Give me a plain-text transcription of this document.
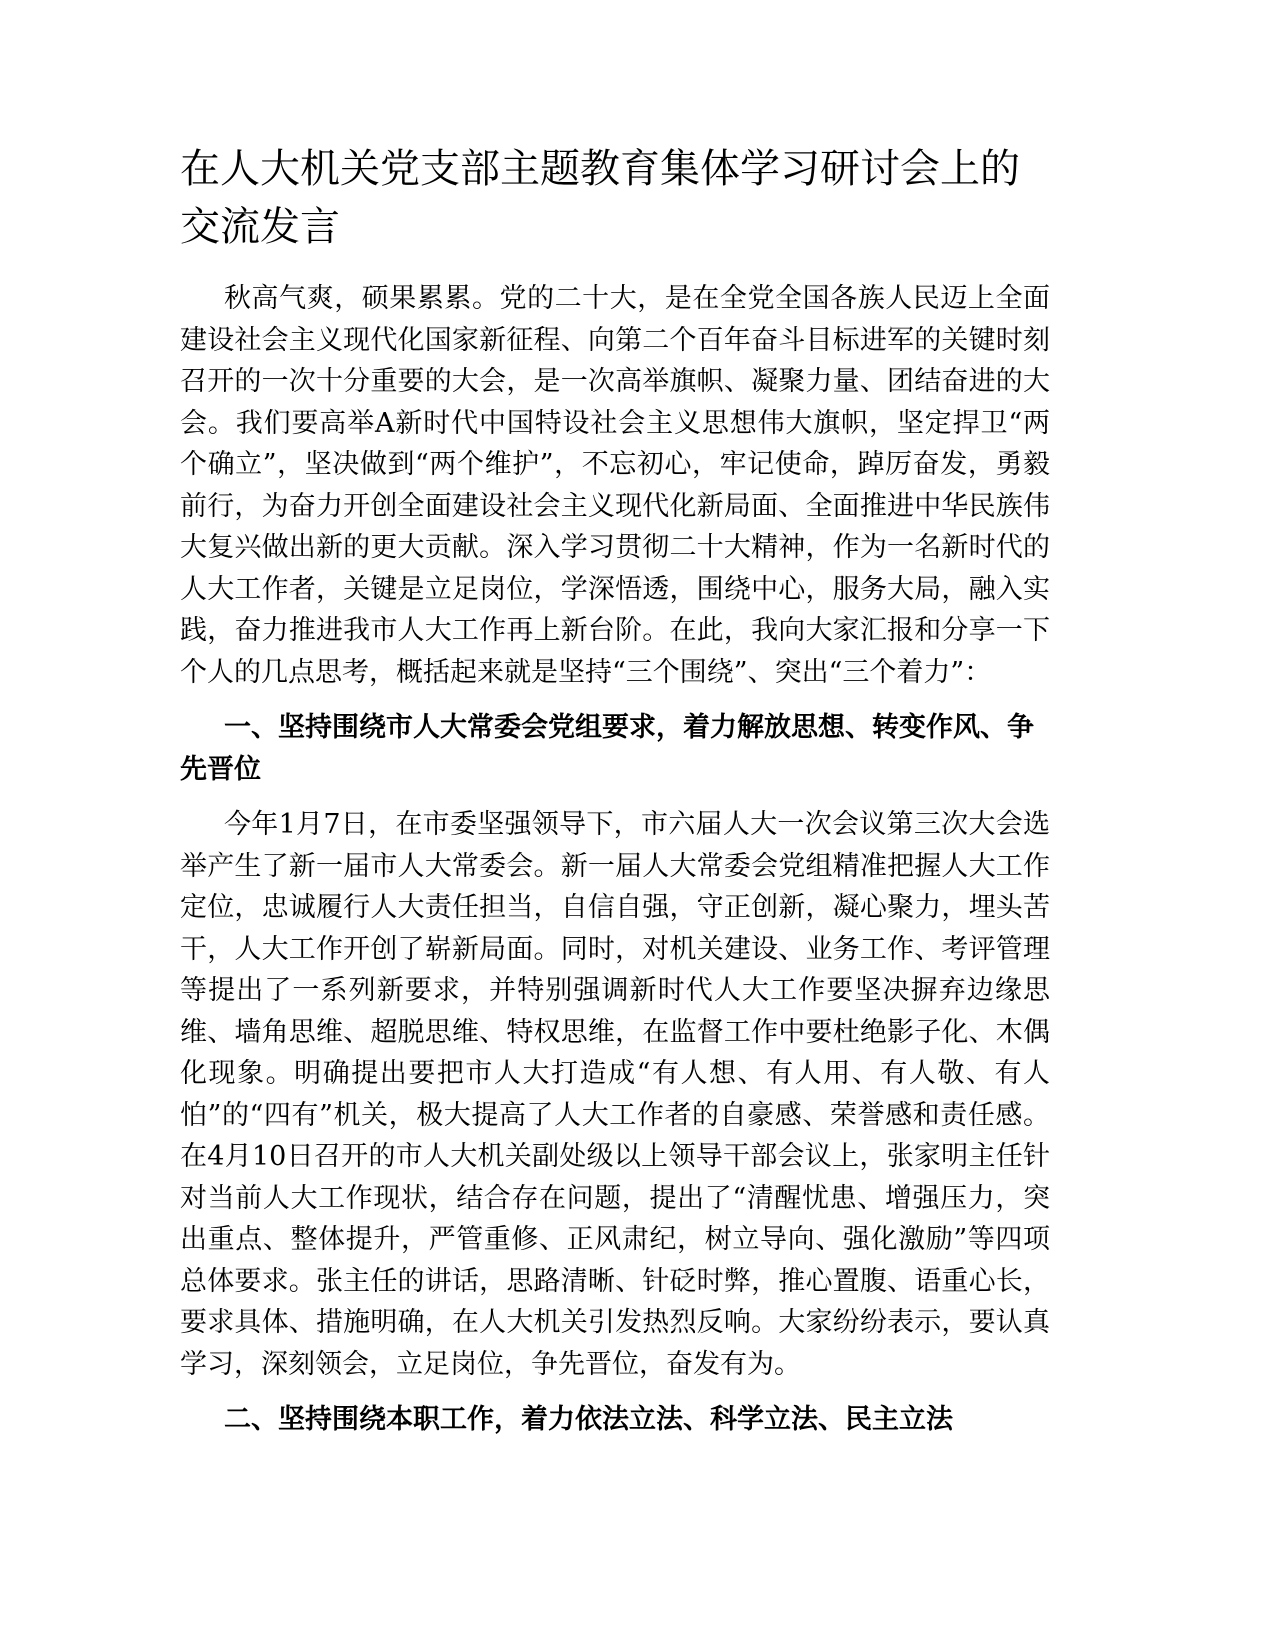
在人大机关党支部主题教育集体学习研讨会上的交流发言

秋高气爽，硕果累累。党的二十大，是在全党全国各族人民迈上全面建设社会主义现代化国家新征程、向第二个百年奋斗目标进军的关键时刻召开的一次十分重要的大会，是一次高举旗帜、凝聚力量、团结奋进的大会。我们要高举A新时代中国特设社会主义思想伟大旗帜，坚定捍卫“两个确立”，坚决做到“两个维护”，不忘初心，牢记使命，踔厉奋发，勇毅前行，为奋力开创全面建设社会主义现代化新局面、全面推进中华民族伟大复兴做出新的更大贡献。深入学习贯彻二十大精神，作为一名新时代的人大工作者，关键是立足岗位，学深悟透，围绕中心，服务大局，融入实践，奋力推进我市人大工作再上新台阶。在此，我向大家汇报和分享一下个人的几点思考，概括起来就是坚持“三个围绕”、突出“三个着力”：

一、坚持围绕市人大常委会党组要求，着力解放思想、转变作风、争先晋位

今年1月7日，在市委坚强领导下，市六届人大一次会议第三次大会选举产生了新一届市人大常委会。新一届人大常委会党组精准把握人大工作定位，忠诚履行人大责任担当，自信自强，守正创新，凝心聚力，埋头苦干，人大工作开创了崭新局面。同时，对机关建设、业务工作、考评管理等提出了一系列新要求，并特别强调新时代人大工作要坚决摒弃边缘思维、墙角思维、超脱思维、特权思维，在监督工作中要杜绝影子化、木偶化现象。明确提出要把市人大打造成“有人想、有人用、有人敬、有人怕”的“四有”机关，极大提高了人大工作者的自豪感、荣誉感和责任感。在4月10日召开的市人大机关副处级以上领导干部会议上，张家明主任针对当前人大工作现状，结合存在问题，提出了“清醒忧患、增强压力，突出重点、整体提升，严管重修、正风肃纪，树立导向、强化激励”等四项总体要求。张主任的讲话，思路清晰、针砭时弊，推心置腹、语重心长，要求具体、措施明确，在人大机关引发热烈反响。大家纷纷表示，要认真学习，深刻领会，立足岗位，争先晋位，奋发有为。

二、坚持围绕本职工作，着力依法立法、科学立法、民主立法
